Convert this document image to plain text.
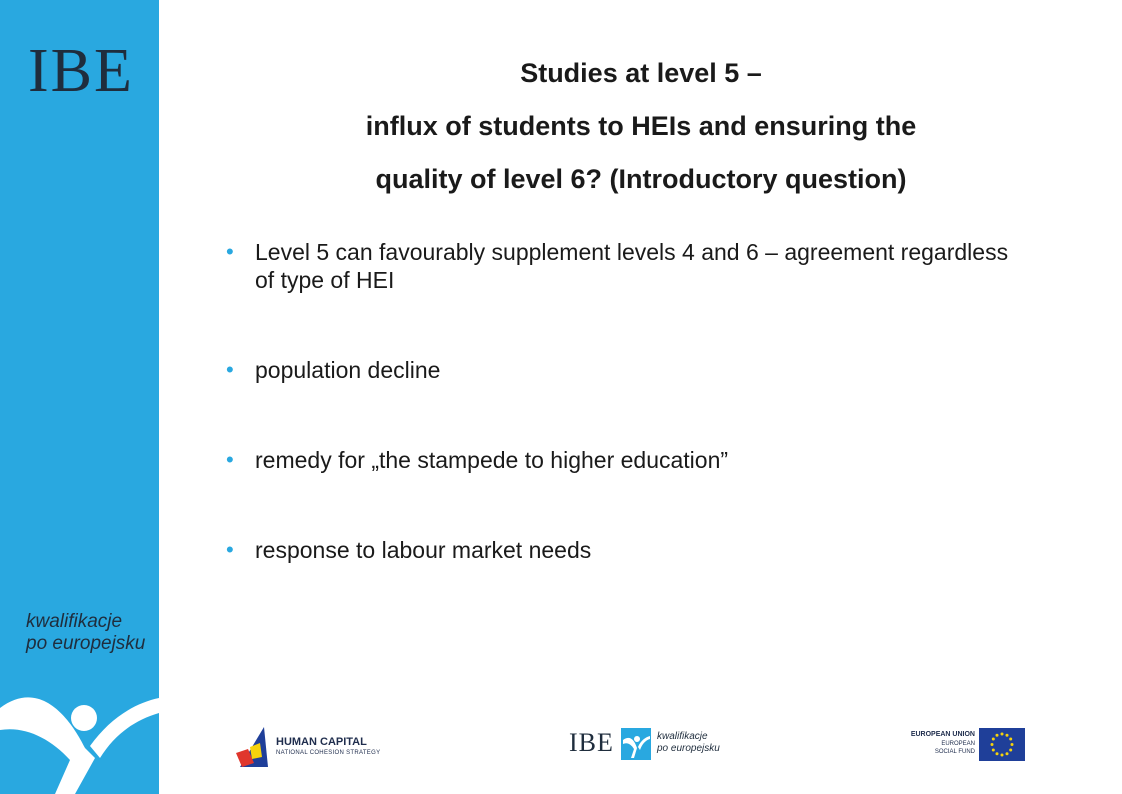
IBE
kwalifikacje
po europejsku
Studies at level 5 –
influx of students to HEIs and ensuring the
quality of level 6? (Introductory question)
• Level 5 can favourably supplement levels 4 and 6 – agreement regardless of type of HEI
• population decline
• remedy for „the stampede to higher education”
• response to labour market needs
HUMAN CAPITAL
NATIONAL COHESION STRATEGY	IBE	kwalifikacje
po europejsku
EUROPEAN UNION
EUROPEAN
SOCIAL FUND
